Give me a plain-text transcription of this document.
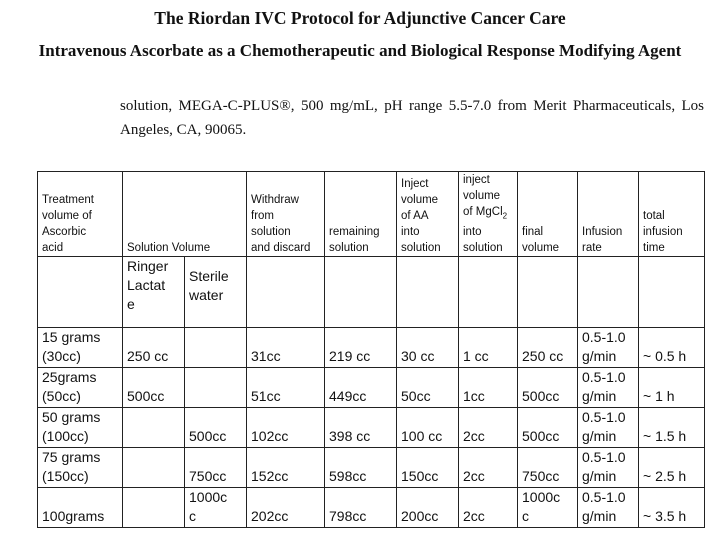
The Riordan IVC Protocol for Adjunctive Cancer Care
Intravenous Ascorbate as a Chemotherapeutic and Biological Response Modifying Agent

solution, MEGA-C-PLUS®, 500 mg/mL, pH range 5.5-7.0 from Merit Pharmaceuticals, Los Angeles, CA, 90065.

Treatment
volume of
Ascorbic
acid	Solution Volume		Withdraw
from
solution
and discard	remaining
solution	Inject
volume
of AA
into
solution	inject
volume
of MgCl$_2$
into
solution	final
volume	Infusion
rate	total
infusion
time

	Ringer
Lactat
e	Sterile
water							

15 grams
(30cc)	250 cc		31cc	219 cc	30 cc	1 cc	250 cc	0.5-1.0
g/min	~ 0.5 h

25grams
(50cc)	500cc		51cc	449cc	50cc	1cc	500cc	0.5-1.0
g/min	~ 1 h

50 grams
(100cc)		500cc	102cc	398 cc	100 cc	2cc	500cc	0.5-1.0
g/min	~ 1.5 h

75 grams
(150cc)		750cc	152cc	598cc	150cc	2cc	750cc	0.5-1.0
g/min	~ 2.5 h

100grams		1000c
c	202cc	798cc	200cc	2cc	1000c
c	0.5-1.0
g/min	~ 3.5 h
